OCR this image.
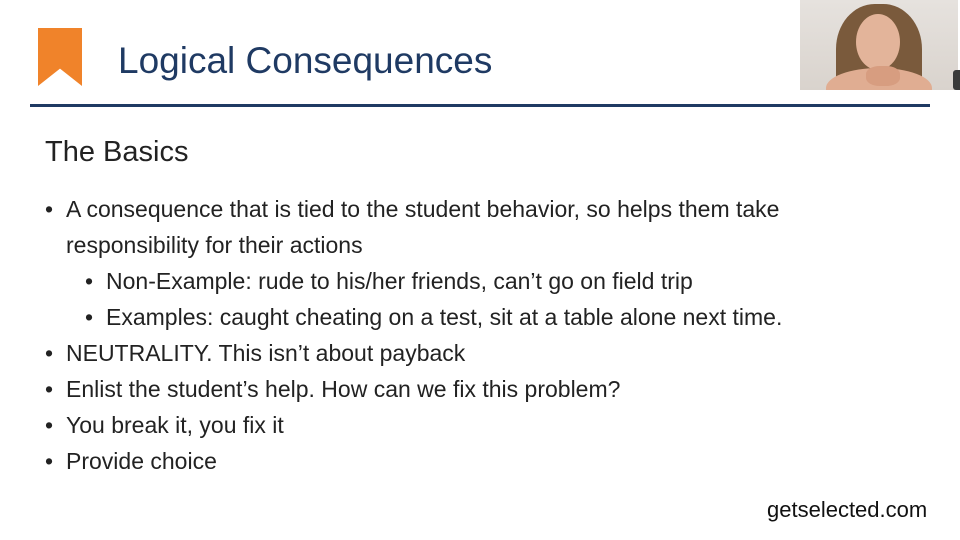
Logical Consequences
The Basics
• A consequence that is tied to the student behavior, so helps them take responsibility for their actions
• Non-Example: rude to his/her friends, can’t go on field trip
• Examples: caught cheating on a test, sit at a table alone next time.
• NEUTRALITY. This isn’t about payback
• Enlist the student’s help. How can we fix this problem?
• You break it, you fix it
• Provide choice
getselected.com
